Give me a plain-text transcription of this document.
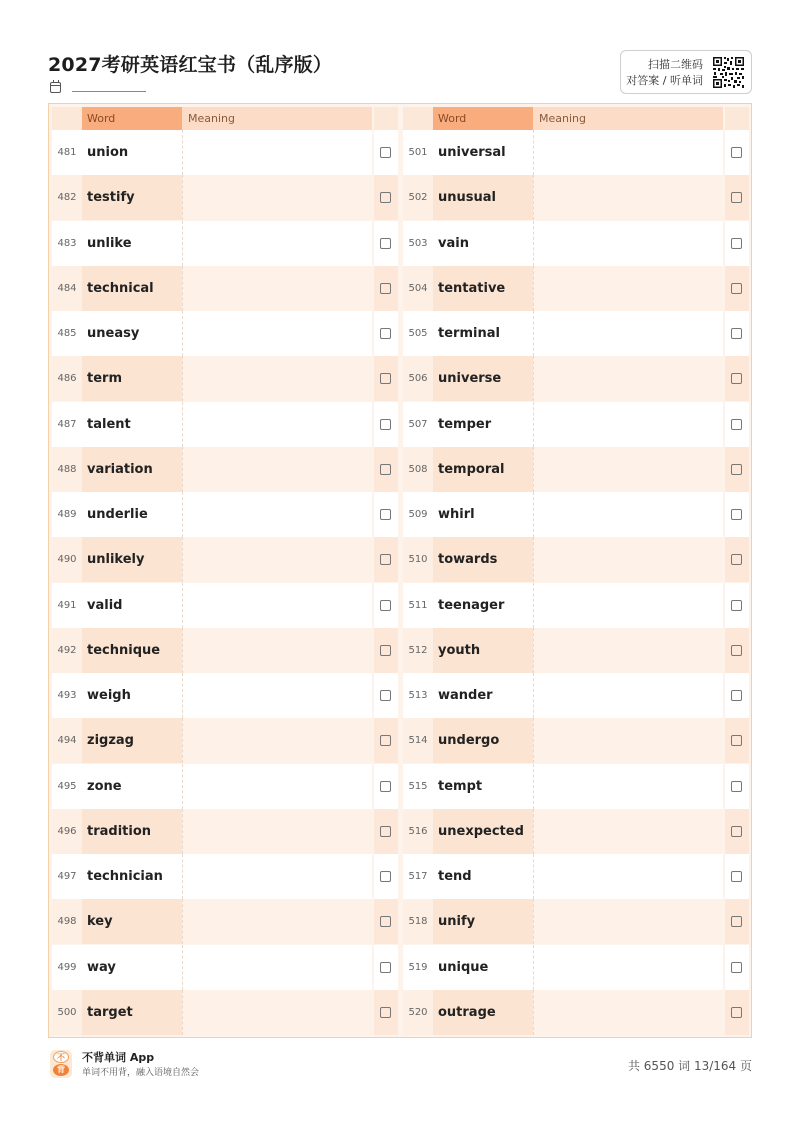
2027考研英语红宝书（乱序版）	扫描二维码
对答案 / 听单词
Word	Meaning
481 union
482 testify
483 unlike
484 technical
485 uneasy
486 term
487 talent
488 variation
489 underlie
490 unlikely
491 valid
492 technique
493 weigh
494 zigzag
495 zone
496 tradition
497 technician
498 key
499 way
500 target
Word	Meaning
501 universal
502 unusual
503 vain
504 tentative
505 terminal
506 universe
507 temper
508 temporal
509 whirl
510 towards
511 teenager
512 youth
513 wander
514 undergo
515 tempt
516 unexpected
517 tend
518 unify
519 unique
520 outrage
不
背
不背单词 App
单词不用背，融入语境自然会	共 6550 词 13/164 页
